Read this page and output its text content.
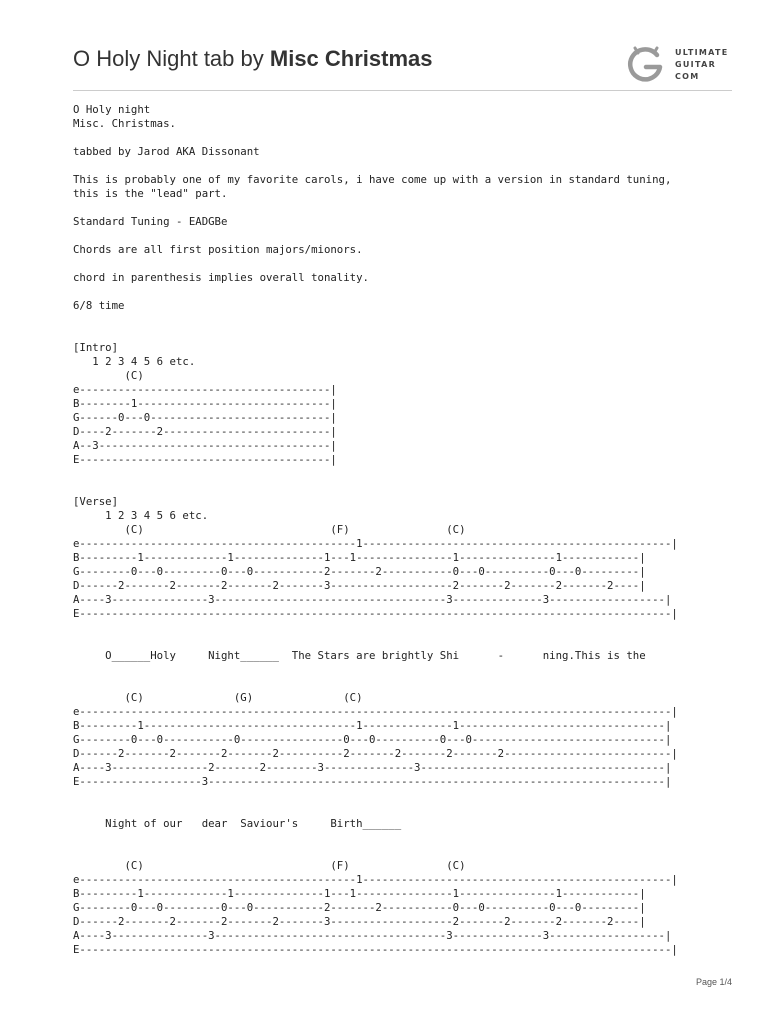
O Holy Night tab by Misc Christmas	ULTIMATE
GUITAR
COM
O Holy night
Misc. Christmas.

tabbed by Jarod AKA Dissonant

This is probably one of my favorite carols, i have come up with a version in standard tuning,
this is the "lead" part.

Standard Tuning - EADGBe

Chords are all first position majors/mionors.

chord in parenthesis implies overall tonality.

6/8 time

[Intro]
1 2 3 4 5 6 etc.
(C)
e---------------------------------------|
B--------1------------------------------|
G------0---0----------------------------|
D----2-------2--------------------------|
A--3------------------------------------|
E---------------------------------------|

[Verse]
1 2 3 4 5 6 etc.
(C)                             (F)               (C)
e-------------------------------------------1------------------------------------------------|
B---------1-------------1--------------1---1---------------1---------------1------------|
G--------0---0---------0---0-----------2-------2-----------0---0----------0---0---------|
D------2-------2-------2-------2-------3-------------------2-------2-------2-------2----|
A----3---------------3------------------------------------3--------------3------------------|
E--------------------------------------------------------------------------------------------|

O______Holy     Night______  The Stars are brightly Shi      -      ning.This is the

(C)              (G)              (C)
e--------------------------------------------------------------------------------------------|
B---------1---------------------------------1--------------1--------------------------------|
G--------0---0-----------0----------------0---0----------0---0------------------------------|
D------2-------2-------2-------2----------2-------2-------2-------2--------------------------|
A----3---------------2-------2--------3--------------3--------------------------------------|
E-------------------3-----------------------------------------------------------------------|

Night of our   dear  Saviour's     Birth______

(C)                             (F)               (C)
e-------------------------------------------1------------------------------------------------|
B---------1-------------1--------------1---1---------------1---------------1------------|
G--------0---0---------0---0-----------2-------2-----------0---0----------0---0---------|
D------2-------2-------2-------2-------3-------------------2-------2-------2-------2----|
A----3---------------3------------------------------------3--------------3------------------|
E--------------------------------------------------------------------------------------------|
Page 1/4
